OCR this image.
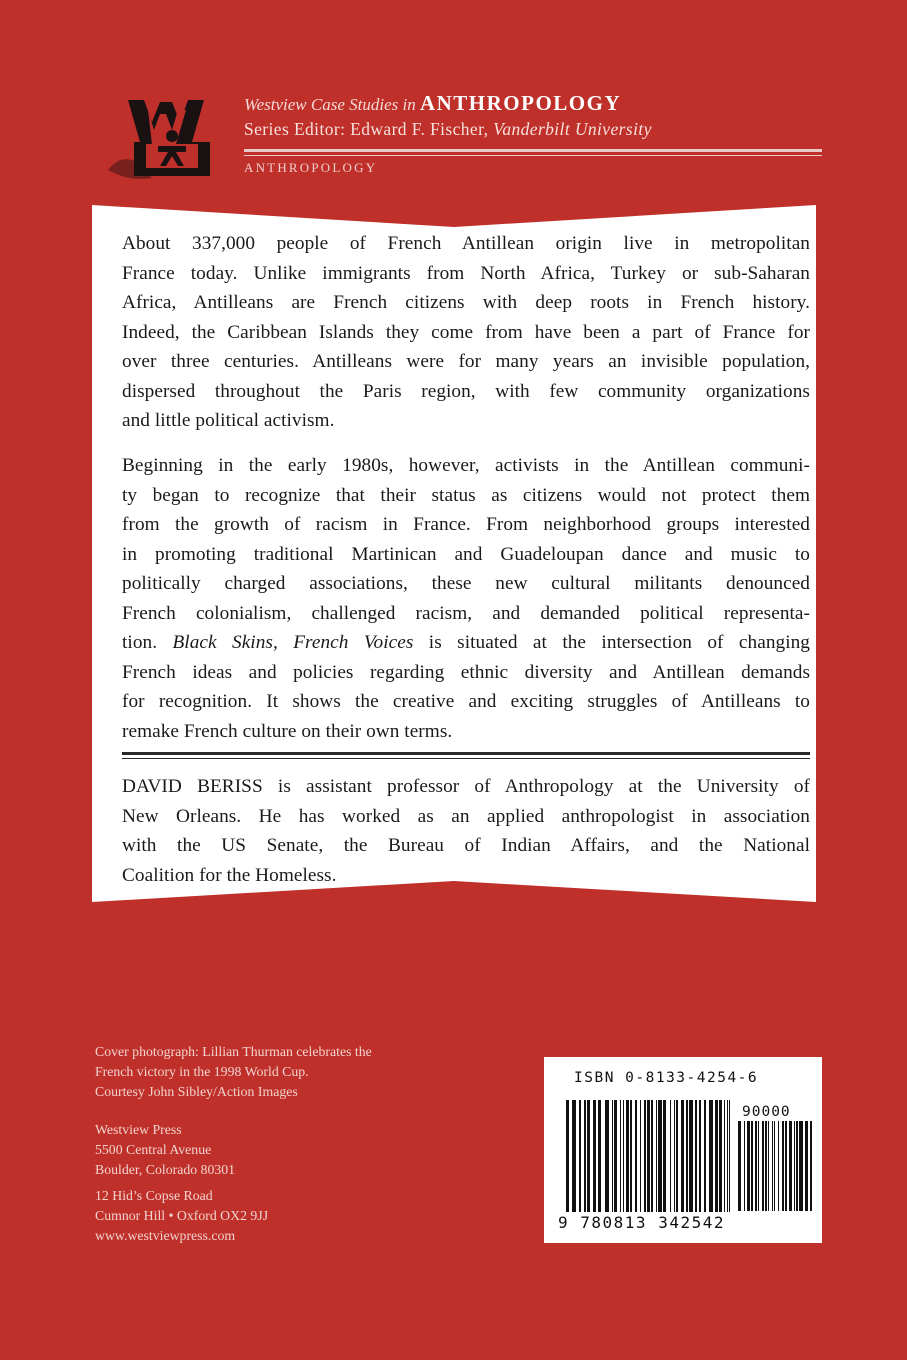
Westview Case Studies in ANTHROPOLOGY
Series Editor: Edward F. Fischer, Vanderbilt University
ANTHROPOLOGY
About 337,000 people of French Antillean origin live in metropolitan
France today. Unlike immigrants from North Africa, Turkey or sub-Saharan
Africa, Antilleans are French citizens with deep roots in French history.
Indeed, the Caribbean Islands they come from have been a part of France for
over three centuries. Antilleans were for many years an invisible population,
dispersed throughout the Paris region, with few community organizations
and little political activism.
Beginning in the early 1980s, however, activists in the Antillean communi-
ty began to recognize that their status as citizens would not protect them
from the growth of racism in France. From neighborhood groups interested
in promoting traditional Martinican and Guadeloupan dance and music to
politically charged associations, these new cultural militants denounced
French colonialism, challenged racism, and demanded political representa-
tion. Black Skins, French Voices is situated at the intersection of changing
French ideas and policies regarding ethnic diversity and Antillean demands
for recognition. It shows the creative and exciting struggles of Antilleans to
remake French culture on their own terms.
DAVID BERISS is assistant professor of Anthropology at the University of
New Orleans. He has worked as an applied anthropologist in association
with the US Senate, the Bureau of Indian Affairs, and the National
Coalition for the Homeless.
Cover photograph: Lillian Thurman celebrates the
French victory in the 1998 World Cup.
Courtesy John Sibley/Action Images
Westview Press
5500 Central Avenue
Boulder, Colorado 80301
12 Hid’s Copse Road
Cumnor Hill • Oxford OX2 9JJ
www.westviewpress.com
ISBN 0-8133-4254-6
90000
9 780813 342542
